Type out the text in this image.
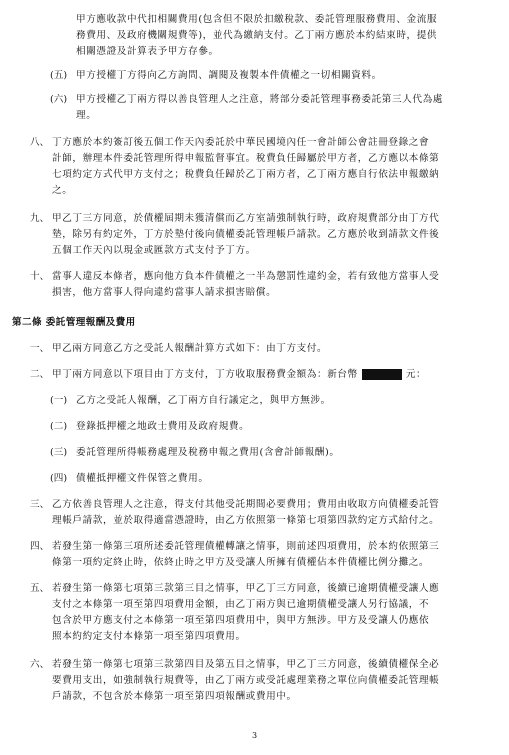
甲方應收款中代扣相關費用(包含但不限於扣繳稅款、委託管理服務費用、金流服
務費用、及政府機關規費等)，並代為繳納支付。乙丁兩方應於本約結束時，提供
相關憑證及計算表予甲方存參。
(五) 甲方授權丁方得向乙方詢問、調閱及複製本件債權之一切相關資料。
(六) 甲方授權乙丁兩方得以善良管理人之注意，將部分委託管理事務委託第三人代為處
理。
八、 丁方應於本約簽訂後五個工作天內委託於中華民國境內任一會計師公會註冊登錄之會
計師，辦理本件委託管理所得申報監督事宜。稅費負任歸屬於甲方者，乙方應以本條第
七項約定方式代甲方支付之；稅費負任歸於乙丁兩方者，乙丁兩方應自行依法申報繳納
之。
九、 甲乙丁三方同意，於債權屆期未獲清償而乙方室請強制執行時，政府規費部分由丁方代
墊，除另有約定外，丁方於墊付後向債權委託管理帳戶請款。乙方應於收到請款文件後
五個工作天內以現金或匯款方式支付予丁方。
十、 當事人違反本條者，應向他方負本件債權之一半為懲罰性違約金，若有致他方當事人受
損害，他方當事人得向違約當事人請求損害賠償。
第二條 委託管理報酬及費用
一、 甲乙兩方同意乙方之受託人報酬計算方式如下：由丁方支付。
二、 甲丁兩方同意以下項目由丁方支付，丁方收取服務費金額為：新台幣	元：
(一) 乙方之受託人報酬，乙丁兩方自行議定之，與甲方無涉。
(二) 登錄抵押權之地政士費用及政府規費。
(三) 委託管理所得帳務處理及稅務申報之費用(含會計師報酬)。
(四) 債權抵押權文件保管之費用。
三、 乙方依善良管理人之注意，得支付其他受託期間必要費用；費用由收取方向債權委託管
理帳戶請款，並於取得適當憑證時，由乙方依照第一條第七項第四款約定方式給付之。
四、 若發生第一條第三項所述委託管理債權轉讓之情事，則前述四項費用，於本約依照第三
條第一項約定終止時，依終止時之甲方及受讓人所擁有債權佔本件債權比例分攤之。
五、 若發生第一條第七項第三款第三目之情事，甲乙丁三方同意，後續已逾期債權受讓人應
支付之本條第一項至第四項費用金額，由乙丁兩方與已逾期債權受讓人另行協議，不
包含於甲方應支付之本條第一項至第四項費用中，與甲方無涉。甲方及受讓人仍應依
照本約約定支付本條第一項至第四項費用。
六、 若發生第一條第七項第三款第四目及第五目之情事，甲乙丁三方同意，後續債權保全必
要費用支出，如強制執行規費等，由乙丁兩方或受託處理業務之單位向債權委託管理帳
戶請款，不包含於本條第一項至第四項報酬或費用中。
3
